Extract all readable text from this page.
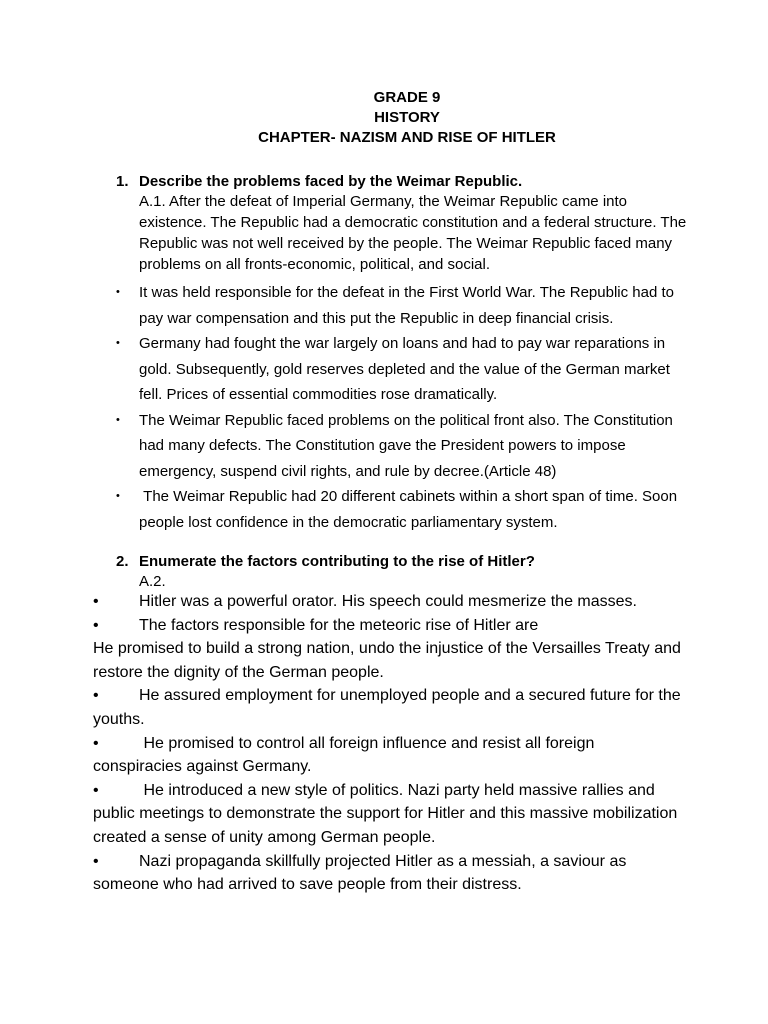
GRADE 9
HISTORY
CHAPTER- NAZISM AND RISE OF HITLER
1. Describe the problems faced by the Weimar Republic.
A.1. After the defeat of Imperial Germany, the Weimar Republic came into existence. The Republic had a democratic constitution and a federal structure. The Republic was not well received by the people. The Weimar Republic faced many problems on all fronts-economic, political, and social.
• It was held responsible for the defeat in the First World War. The Republic had to pay war compensation and this put the Republic in deep financial crisis.
• Germany had fought the war largely on loans and had to pay war reparations in gold. Subsequently, gold reserves depleted and the value of the German market fell. Prices of essential commodities rose dramatically.
• The Weimar Republic faced problems on the political front also. The Constitution had many defects. The Constitution gave the President powers to impose emergency, suspend civil rights, and rule by decree.(Article 48)
• The Weimar Republic had 20 different cabinets within a short span of time. Soon people lost confidence in the democratic parliamentary system.
2. Enumerate the factors contributing to the rise of Hitler?
A.2.
•	Hitler was a powerful orator. His speech could mesmerize the masses.
•	The factors responsible for the meteoric rise of Hitler are
He promised to build a strong nation, undo the injustice of the Versailles Treaty and restore the dignity of the German people.
•	He assured employment for unemployed people and a secured future for the youths.
•	He promised to control all foreign influence and resist all foreign conspiracies against Germany.
•	He introduced a new style of politics. Nazi party held massive rallies and public meetings to demonstrate the support for Hitler and this massive mobilization created a sense of unity among German people.
•	Nazi propaganda skillfully projected Hitler as a messiah, a saviour as someone who had arrived to save people from their distress.
